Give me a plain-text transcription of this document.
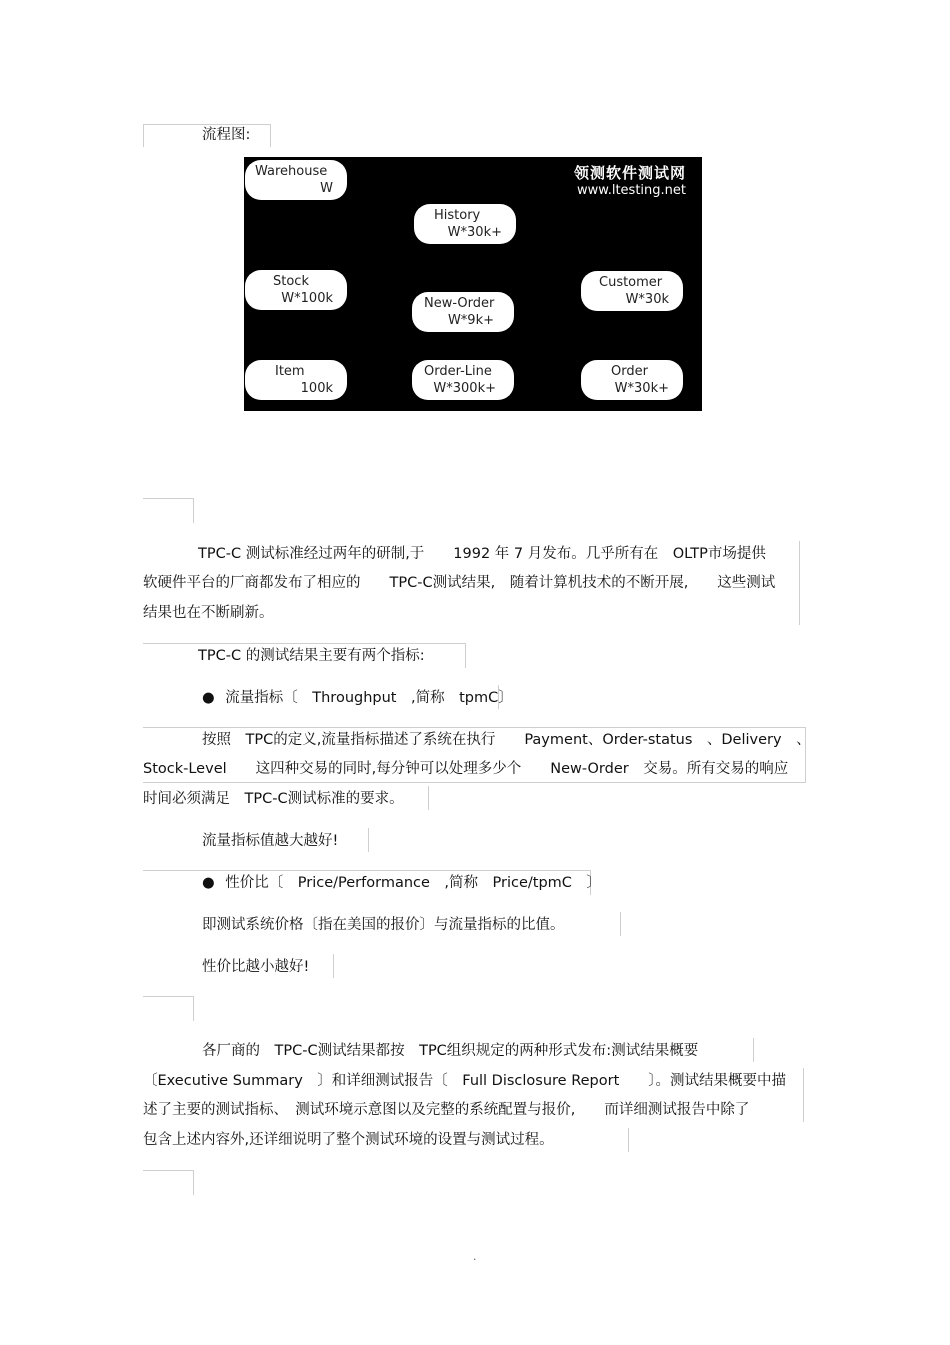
流程图:
领测软件测试网
www.ltesting.net
Warehouse
W
History
W*30k+
Stock
W*100k	New-Order
W*9k+
Customer
W*30k
Item
100k
Order-Line
W*300k+
Order
W*30k+
TPC-C 测试标准经过两年的研制,于　　1992 年 7 月发布。几乎所有在　OLTP市场提供
软硬件平台的厂商都发布了相应的　　TPC-C测试结果,　随着计算机技术的不断开展,　　这些测试
结果也在不断刷新。
TPC-C 的测试结果主要有两个指标:
● 流量指标〔　Throughput　,简称　tpmC〕
按照　TPC的定义,流量指标描述了系统在执行　　Payment、Order-status　、Delivery　、
Stock-Level　　这四种交易的同时,每分钟可以处理多少个　　New-Order　交易。所有交易的响应
时间必须满足　TPC-C测试标准的要求。
流量指标值越大越好!
● 性价比〔　Price/Performance　,简称　Price/tpmC　〕
即测试系统价格〔指在美国的报价〕与流量指标的比值。
性价比越小越好!
各厂商的　TPC-C测试结果都按　TPC组织规定的两种形式发布:测试结果概要
〔Executive Summary　〕和详细测试报告〔　Full Disclosure Report　　〕。测试结果概要中描
述了主要的测试指标、　测试环境示意图以及完整的系统配置与报价,　　而详细测试报告中除了
包含上述内容外,还详细说明了整个测试环境的设置与测试过程。
.
